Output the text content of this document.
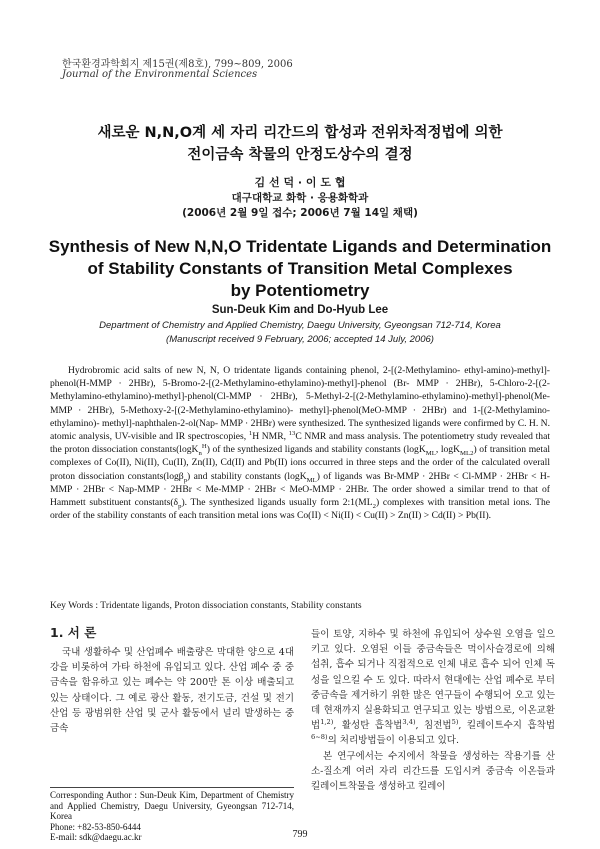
한국환경과학회지 제15권(제8호), 799~809, 2006
Journal of the Environmental Sciences
새로운 N,N,O계 세 자리 리간드의 합성과 전위차적정법에 의한
전이금속 착물의 안정도상수의 결정
김 선 덕 · 이 도 협
대구대학교 화학 · 응용화학과
(2006년 2월 9일 접수; 2006년 7월 14일 채택)
Synthesis of New N,N,O Tridentate Ligands and Determination
of Stability Constants of Transition Metal Complexes
by Potentiometry
Sun-Deuk Kim and Do-Hyub Lee
Department of Chemistry and Applied Chemistry, Daegu University, Gyeongsan 712-714, Korea
(Manuscript received 9 February, 2006; accepted 14 July, 2006)

Hydrobromic acid salts of new N, N, O tridentate ligands containing phenol, 2-[(2-Methylamino- ethyl-amino)-methyl]-phenol(H-MMP · 2HBr), 5-Bromo-2-[(2-Methylamino-ethylamino)-methyl]-phenol (Br- MMP · 2HBr), 5-Chloro-2-[(2-Methylamino-ethylamino)-methyl]-phenol(Cl-MMP · 2HBr), 5-Methyl-2-[(2-Methylamino-ethylamino)-methyl]-phenol(Me-MMP · 2HBr), 5-Methoxy-2-[(2-Methylamino-ethylamino)- methyl]-phenol(MeO-MMP · 2HBr) and 1-[(2-Methylamino-ethylamino)- methyl]-naphthalen-2-ol(Nap- MMP · 2HBr) were synthesized. The synthesized ligands were confirmed by C. H. N. atomic analysis, UV-visible and IR spectroscopies, $^1$H NMR, $^{13}$C NMR and mass analysis. The potentiometry study revealed that the proton dissociation constants(logK$_n^H$) of the synthesized ligands and stability constants (logK$_{ML}$, logK$_{ML2}$) of transition metal complexes of Co(II), Ni(II), Cu(II), Zn(II), Cd(II) and Pb(II) ions occurred in three steps and the order of the calculated overall proton dissociation constants(logβ$_p$) and stability constants (logK$_{ML}$) of ligands was Br-MMP · 2HBr < Cl-MMP · 2HBr < H-MMP · 2HBr < Nap-MMP · 2HBr < Me-MMP · 2HBr < MeO-MMP · 2HBr. The order showed a similar trend to that of Hammett substituent $constants(\delta_p)$. The synthesized ligands usually form $2:1(ML_2)$ complexes with transition metal ions. The order of the stability constants of each transition metal ions was Co(II) < Ni(II) < Cu(II) > Zn(II) > Cd(II) > Pb(II).

Key Words : Tridentate ligands, Proton dissociation constants, Stability constants
1. 서 론

국내 생활하수 및 산업폐수 배출량은 막대한 양으로 4대강을 비롯하여 가타 하천에 유입되고 있다. 산업 폐수 중 중금속을 함유하고 있는 폐수는 약 200만 톤 이상 배출되고 있는 상태이다. 그 예로 광산 활동, 전기도금, 건설 및 전기산업 등 광범위한 산업 및 군사 활동에서 널리 발생하는 중금속

들이 토양, 지하수 및 하천에 유입되어 상수원 오염을 일으키고 있다. 오염된 이들 중금속들은 먹이사슬경로에 의해 섭취, 흡수 되거나 직접적으로 인체 내로 흡수 되어 인체 독성을 일으킬 수 도 있다. 따라서 현대에는 산업 폐수로 부터 중금속을 제거하기 위한 많은 연구들이 수행되어 오고 있는데 현재까지 실용화되고 연구되고 있는 방법으로, 이온교환법$^{1,2)}$, 활성탄 흡착법$^{3,4)}$, 침전법$^{5)}$, 킬레이트수지 흡착법$^{6\sim 8)}$의 처리방법들이 이용되고 있다.

본 연구에서는 수지에서 착물을 생성하는 작용기를 산소-질소계 여러 자리 리간드를 도입시켜 중금속 이온들과 킬레이트착물을 생성하고 킬레이

Corresponding Author : Sun-Deuk Kim, Department of Chemistry and Applied Chemistry, Daegu University, Gyeongsan 712-714, Korea
Phone: +82-53-850-6444
E-mail: sdk@daegu.ac.kr	799
